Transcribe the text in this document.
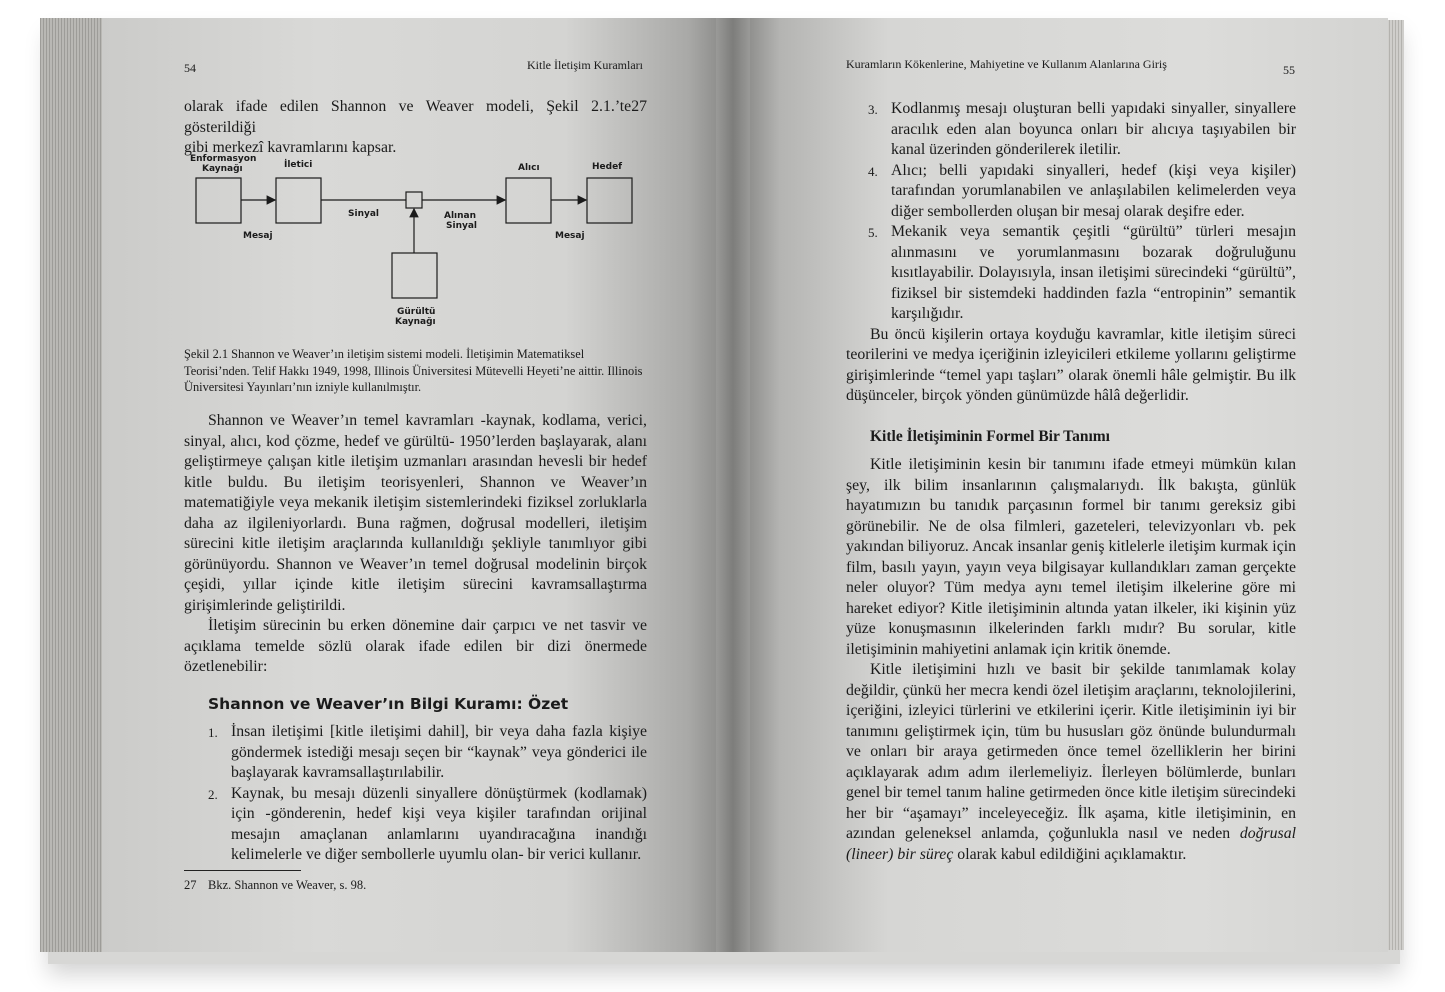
54	Kitle İletişim Kuramları
olarak ifade edilen Shannon ve Weaver modeli, Şekil 2.1.’te27 gösterildiği
gibi merkezî kavramlarını kapsar.
Enformasyon
Kaynağı	İletici	Alıcı	Hedef
Sinyal	Alınan
Sinyal
Mesaj	Mesaj
Gürültü
Kaynağı
Şekil 2.1 Shannon ve Weaver’ın iletişim sistemi modeli. İletişimin Matematiksel Teorisi’nden. Telif Hakkı 1949, 1998, Illinois Üniversitesi Mütevelli Heyeti’ne aittir. Illinois Üniversitesi Yayınları’nın izniyle kullanılmıştır.

Shannon ve Weaver’ın temel kavramları -kaynak, kodlama, verici, sinyal, alıcı, kod çözme, hedef ve gürültü- 1950’lerden başlayarak, alanı geliştirmeye çalışan kitle iletişim uzmanları arasından hevesli bir hedef kitle buldu. Bu iletişim teorisyenleri, Shannon ve Weaver’ın matematiğiyle veya mekanik iletişim sistemlerindeki fiziksel zorluklarla daha az ilgileniyorlardı. Buna rağmen, doğrusal modelleri, iletişim sürecini kitle iletişim araçlarında kullanıldığı şekliyle tanımlıyor gibi görünüyordu. Shannon ve Weaver’ın temel doğrusal modelinin birçok çeşidi, yıllar içinde kitle iletişim sürecini kavramsallaştırma girişimlerinde geliştirildi.

İletişim sürecinin bu erken dönemine dair çarpıcı ve net tasvir ve açıklama temelde sözlü olarak ifade edilen bir dizi önermede özetlenebilir:

Shannon ve Weaver’ın Bilgi Kuramı: Özet
1. İnsan iletişimi [kitle iletişimi dahil], bir veya daha fazla kişiye göndermek istediği mesajı seçen bir “kaynak” veya gönderici ile başlayarak kavramsallaştırılabilir.
2. Kaynak, bu mesajı düzenli sinyallere dönüştürmek (kodlamak) için -gönderenin, hedef kişi veya kişiler tarafından orijinal mesajın amaçlanan anlamlarını uyandıracağına inandığı kelimelerle ve diğer sembollerle uyumlu olan- bir verici kullanır.
27 Bkz. Shannon ve Weaver, s. 98.
Kuramların Kökenlerine, Mahiyetine ve Kullanım Alanlarına Giriş	55
3. Kodlanmış mesajı oluşturan belli yapıdaki sinyaller, sinyallere aracılık eden alan boyunca onları bir alıcıya taşıyabilen bir kanal üzerinden gönderilerek iletilir.
4. Alıcı; belli yapıdaki sinyalleri, hedef (kişi veya kişiler) tarafından yorumlanabilen ve anlaşılabilen kelimelerden veya diğer sembollerden oluşan bir mesaj olarak deşifre eder.
5. Mekanik veya semantik çeşitli “gürültü” türleri mesajın alınmasını ve yorumlanmasını bozarak doğruluğunu kısıtlayabilir. Dolayısıyla, insan iletişimi sürecindeki “gürültü”, fiziksel bir sistemdeki haddinden fazla “entropinin” semantik karşılığıdır.

Bu öncü kişilerin ortaya koyduğu kavramlar, kitle iletişim süreci teorilerini ve medya içeriğinin izleyicileri etkileme yollarını geliştirme girişimlerinde “temel yapı taşları” olarak önemli hâle gelmiştir. Bu ilk düşünceler, birçok yönden günümüzde hâlâ değerlidir.

Kitle İletişiminin Formel Bir Tanımı

Kitle iletişiminin kesin bir tanımını ifade etmeyi mümkün kılan şey, ilk bilim insanlarının çalışmalarıydı. İlk bakışta, günlük hayatımızın bu tanıdık parçasının formel bir tanımı gereksiz gibi görünebilir. Ne de olsa filmleri, gazeteleri, televizyonları vb. pek yakından biliyoruz. Ancak insanlar geniş kitlelerle iletişim kurmak için film, basılı yayın, yayın veya bilgisayar kullandıkları zaman gerçekte neler oluyor? Tüm medya aynı temel iletişim ilkelerine göre mi hareket ediyor? Kitle iletişiminin altında yatan ilkeler, iki kişinin yüz yüze konuşmasının ilkelerinden farklı mıdır? Bu sorular, kitle iletişiminin mahiyetini anlamak için kritik önemde.

Kitle iletişimini hızlı ve basit bir şekilde tanımlamak kolay değildir, çünkü her mecra kendi özel iletişim araçlarını, teknolojilerini, içeriğini, izleyici türlerini ve etkilerini içerir. Kitle iletişiminin iyi bir tanımını geliştirmek için, tüm bu hususları göz önünde bulundurmalı ve onları bir araya getirmeden önce temel özelliklerin her birini açıklayarak adım adım ilerlemeliyiz. İlerleyen bölümlerde, bunları genel bir temel tanım haline getirmeden önce kitle iletişim sürecindeki her bir “aşamayı” inceleyeceğiz. İlk aşama, kitle iletişiminin, en azından geleneksel anlamda, çoğunlukla nasıl ve neden doğrusal (lineer) bir süreç olarak kabul edildiğini açıklamaktır.
